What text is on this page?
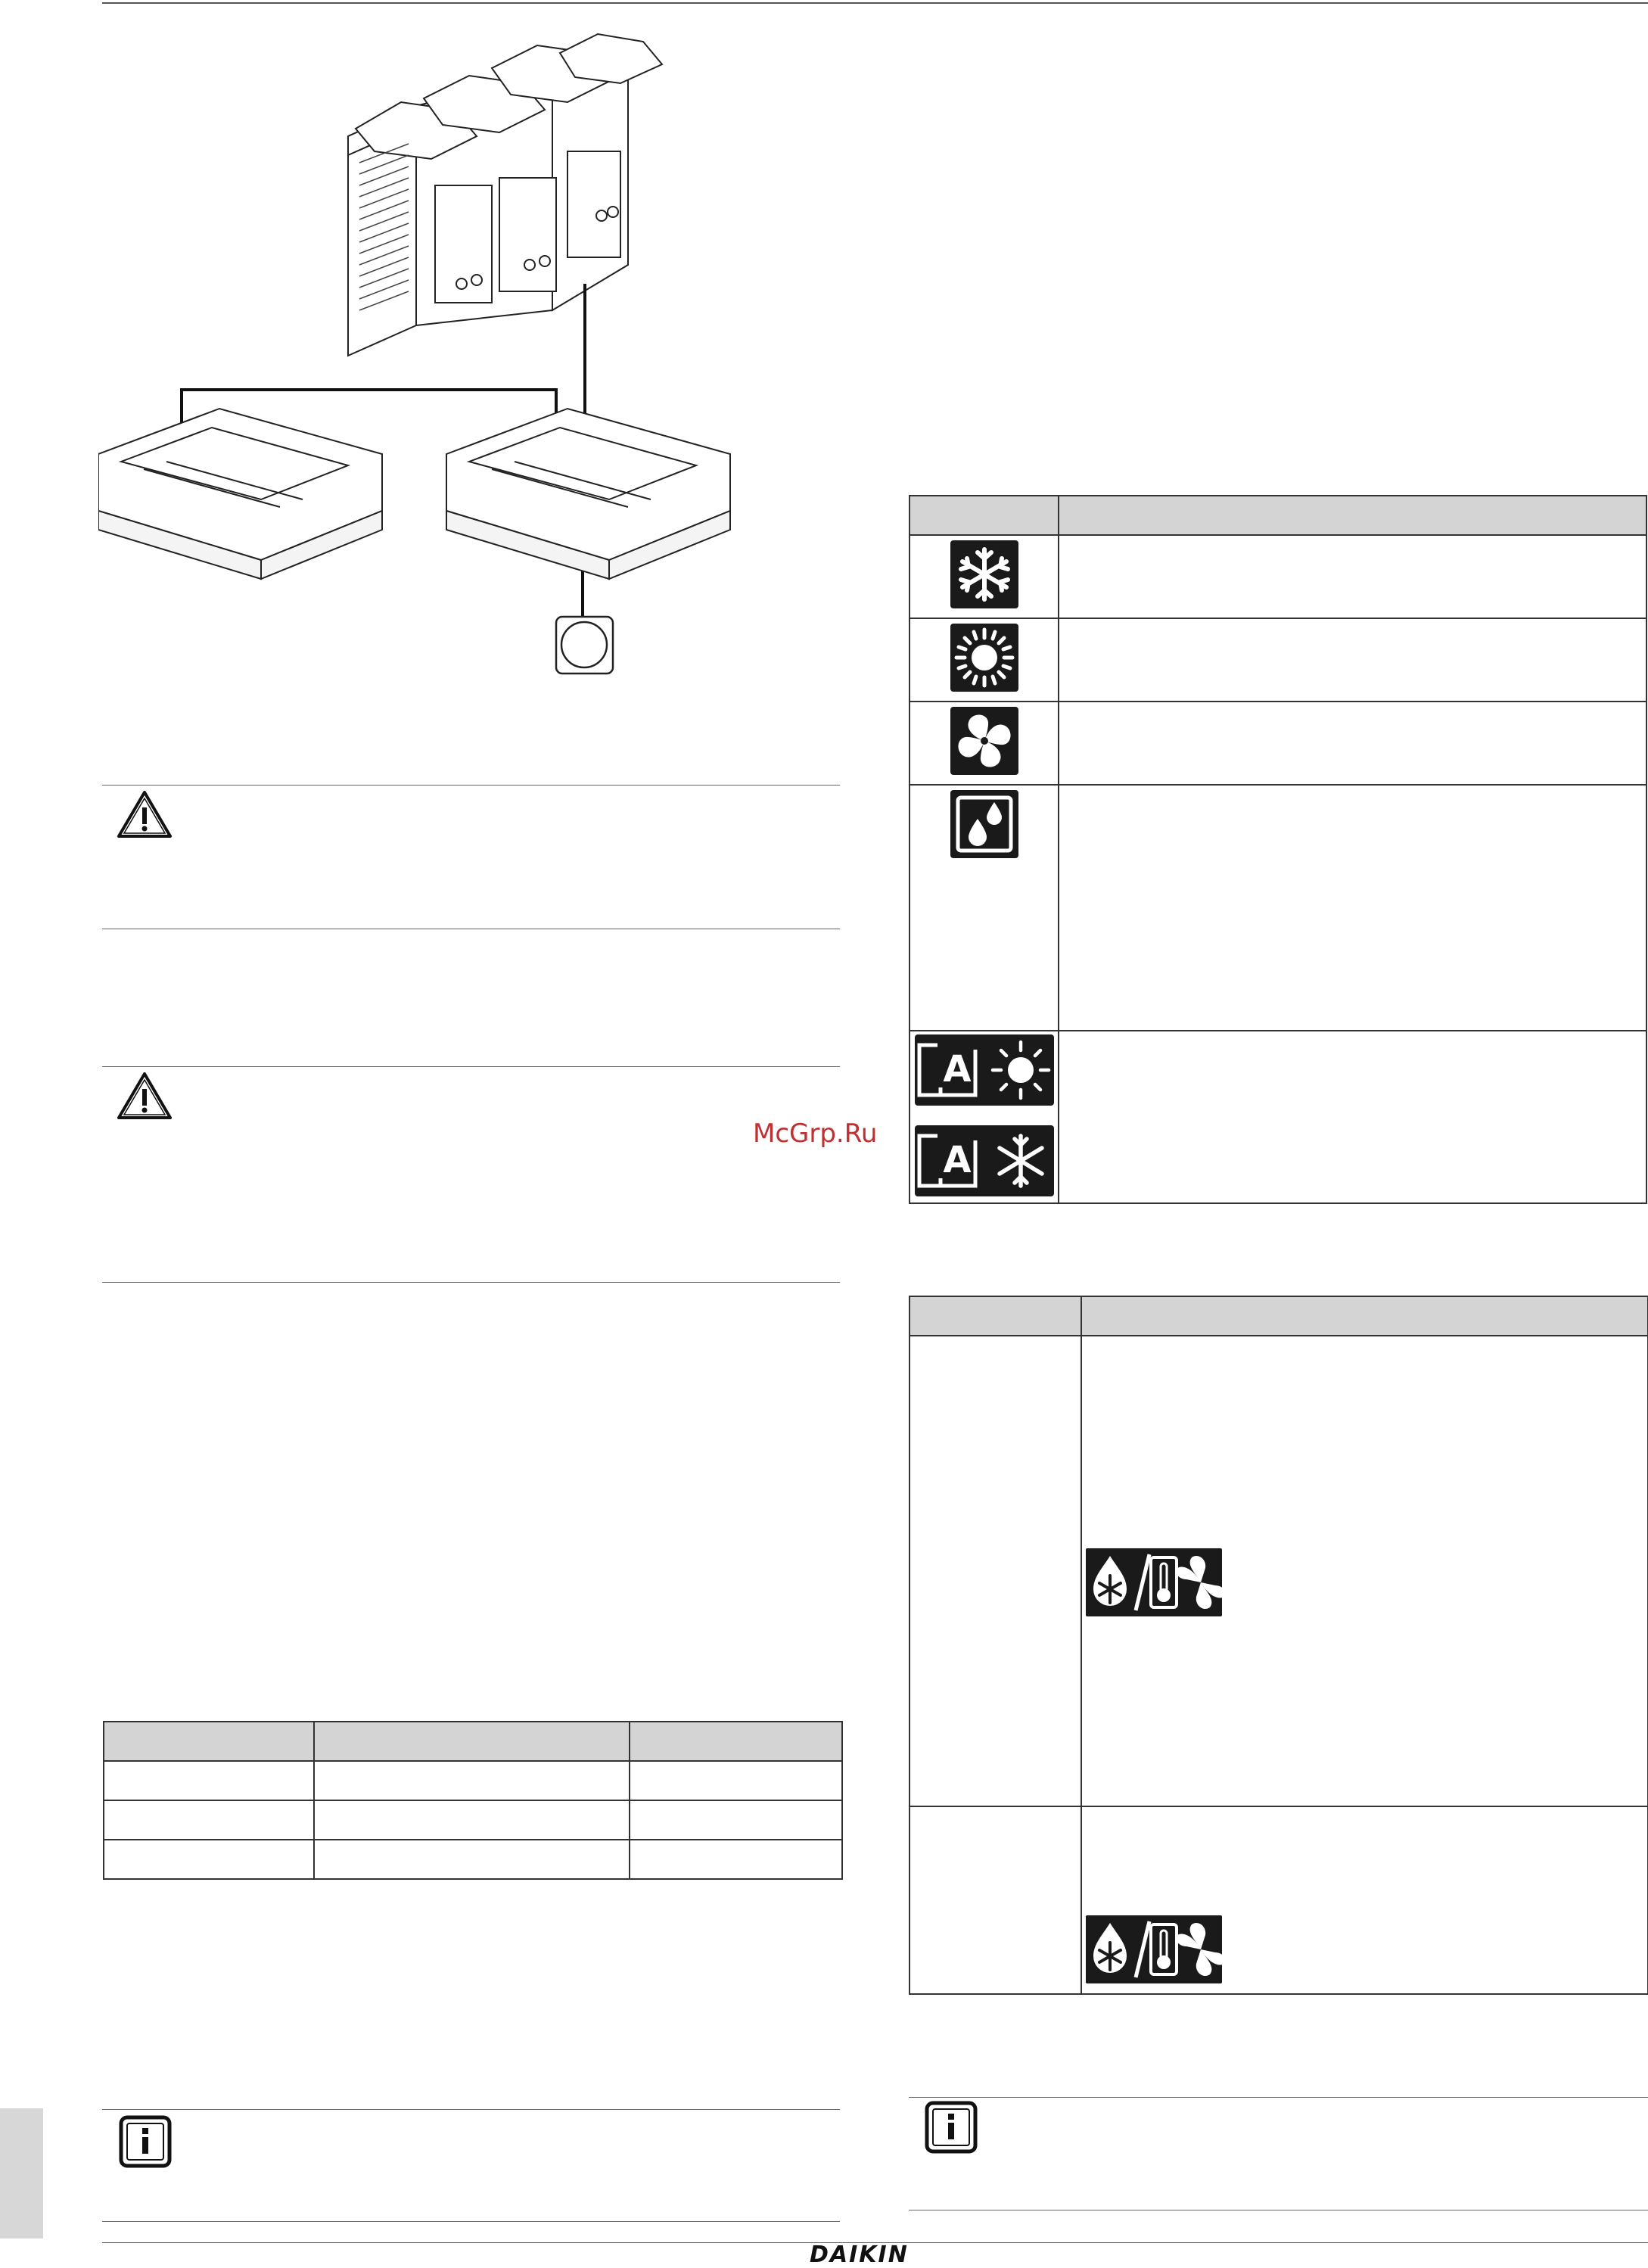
DAIKIN
McGrp.Ru

A

A	
